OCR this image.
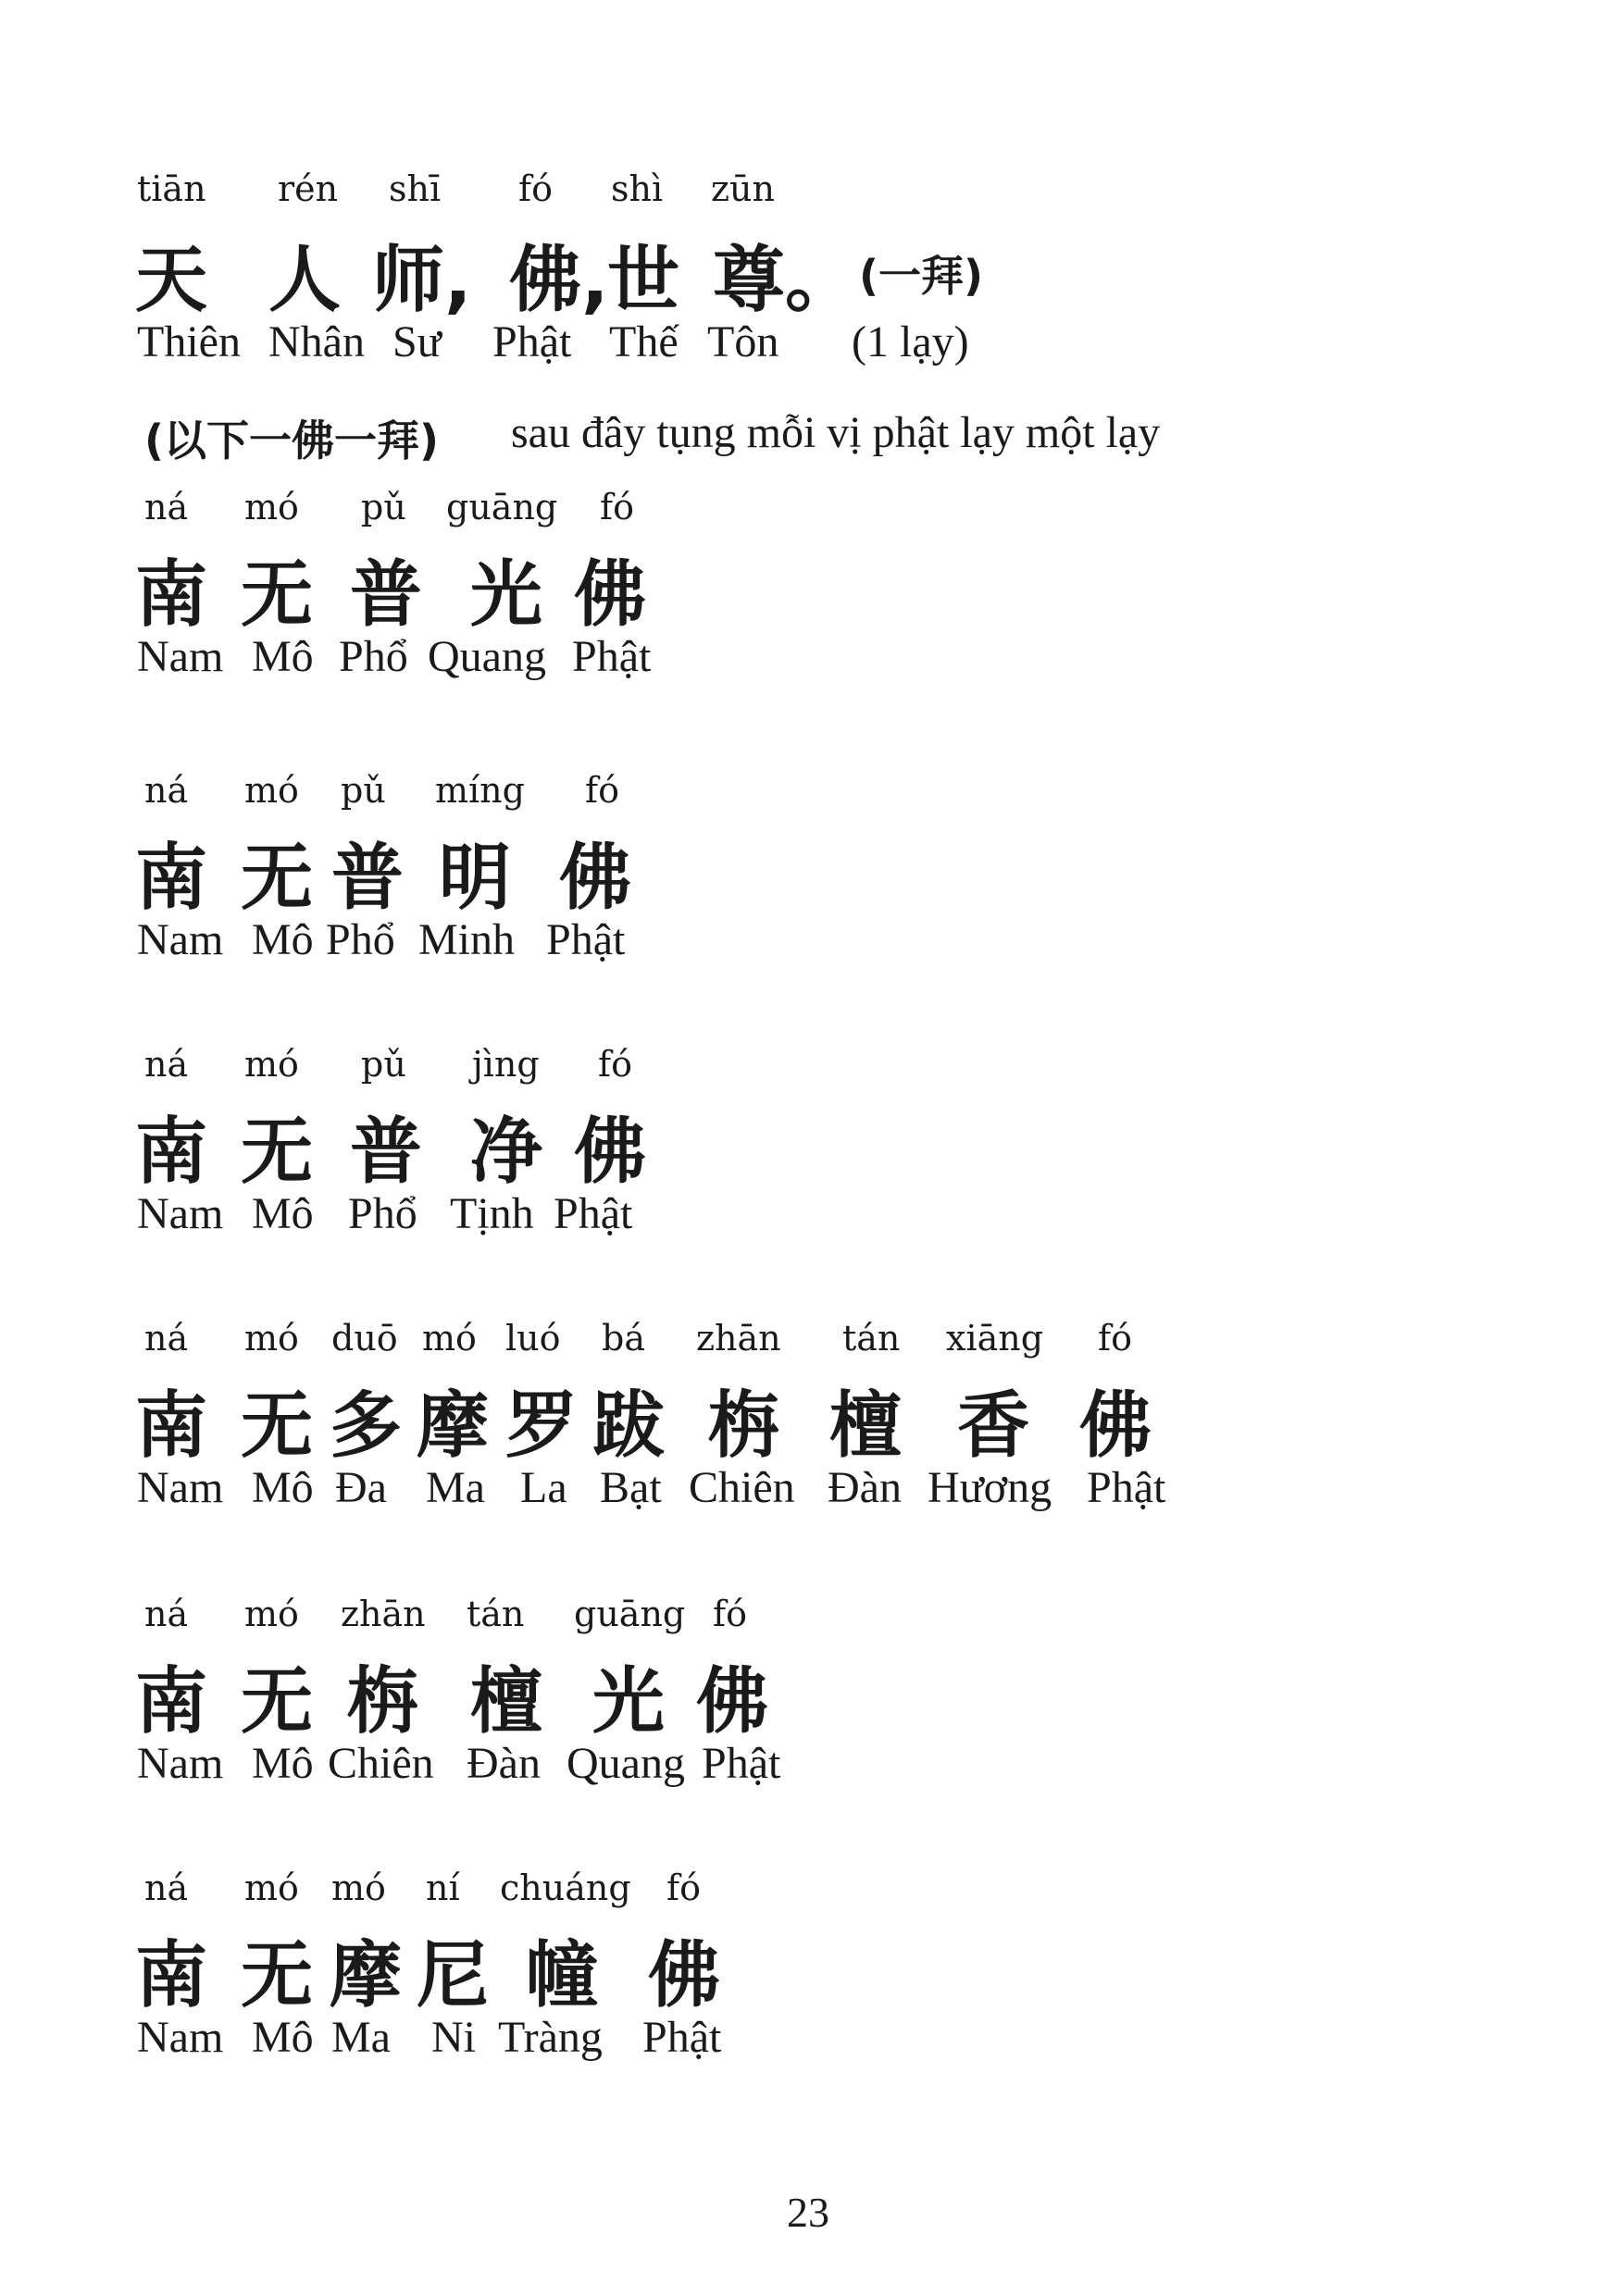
tiān rén shī fó shì zūn
天 人 师, 佛,
世 尊。 (一拜)
Thiên Nhân Sư Phật Thế Tôn (1 lạy)
(以下一佛一拜) sau đây tụng mỗi vị phật lạy một lạy
ná mó pǔ guāng fó
南 无 普 光 佛
Nam Mô Phổ Quang Phật
ná mó pǔ míng fó
南 无 普 明 佛
Nam Mô Phổ Minh Phật
ná mó pǔ jìng fó
南 无 普 净 佛
Nam Mô Phổ Tịnh Phật
ná mó duō mó luó bá zhān tán xiāng fó
南 无 多 摩 罗 跋 栴 檀 香 佛
Nam Mô Đa Ma La Bạt Chiên Đàn Hương Phật
ná mó zhān tán guāng fó
南 无 栴 檀 光 佛
Nam Mô Chiên Đàn Quang Phật
ná mó mó ní chuáng fó
南 无 摩 尼 幢 佛
Nam Mô Ma Ni Tràng Phật
23
